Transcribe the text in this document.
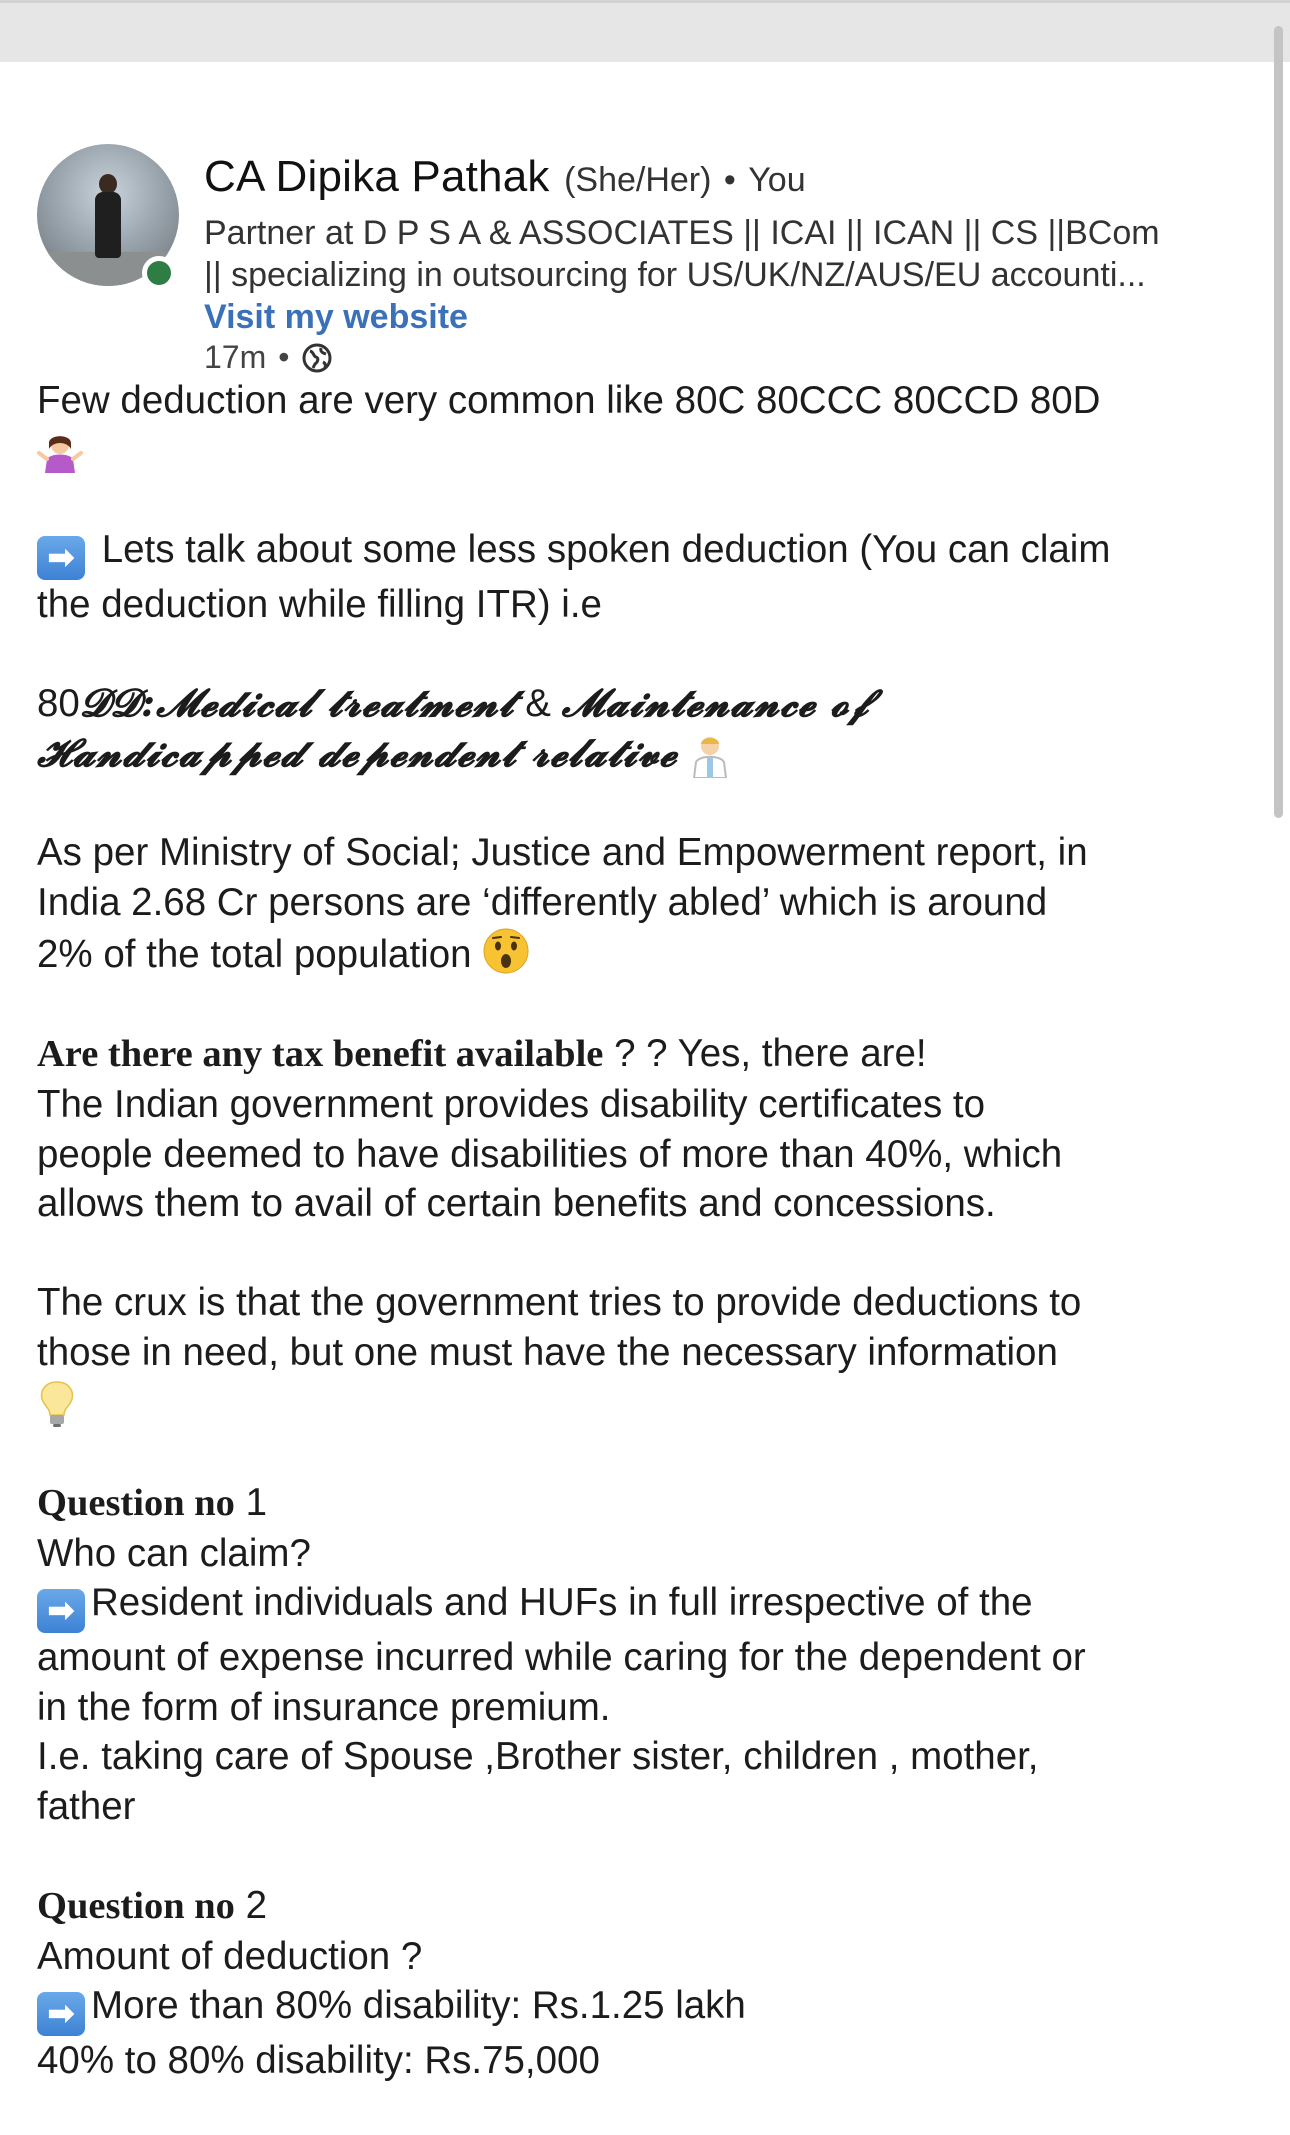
CA Dipika Pathak (She/Her) • You
Partner at D P S A & ASSOCIATES || ICAI || ICAN || CS ||BCom
|| specializing in outsourcing for US/UK/NZ/AUS/EU accounti...
Visit my website
17m •
Few deduction are very common like 80C 80CCC 80CCD 80D
➡ Lets talk about some less spoken deduction (You can claim
the deduction while filling ITR) i.e
80𝓓𝓓:𝓜𝓮𝓭𝓲𝓬𝓪𝓵 𝓽𝓻𝓮𝓪𝓽𝓶𝓮𝓷𝓽 & 𝓜𝓪𝓲𝓷𝓽𝓮𝓷𝓪𝓷𝓬𝓮 𝓸𝓯
𝓗𝓪𝓷𝓭𝓲𝓬𝓪𝓹𝓹𝓮𝓭 𝓭𝓮𝓹𝓮𝓷𝓭𝓮𝓷𝓽 𝓻𝓮𝓵𝓪𝓽𝓲𝓿𝓮
As per Ministry of Social; Justice and Empowerment report, in
India 2.68 Cr persons are ‘differently abled’ which is around
2% of the total population
Are there any tax benefit available ? ? Yes, there are!
The Indian government provides disability certificates to
people deemed to have disabilities of more than 40%, which
allows them to avail of certain benefits and concessions.
The crux is that the government tries to provide deductions to
those in need, but one must have the necessary information
Question no 1
Who can claim?
➡ Resident individuals and HUFs in full irrespective of the
amount of expense incurred while caring for the dependent or
in the form of insurance premium.
I.e. taking care of Spouse ,Brother sister, children , mother,
father
Question no 2
Amount of deduction ?
➡ More than 80% disability: Rs.1.25 lakh
40% to 80% disability: Rs.75,000
